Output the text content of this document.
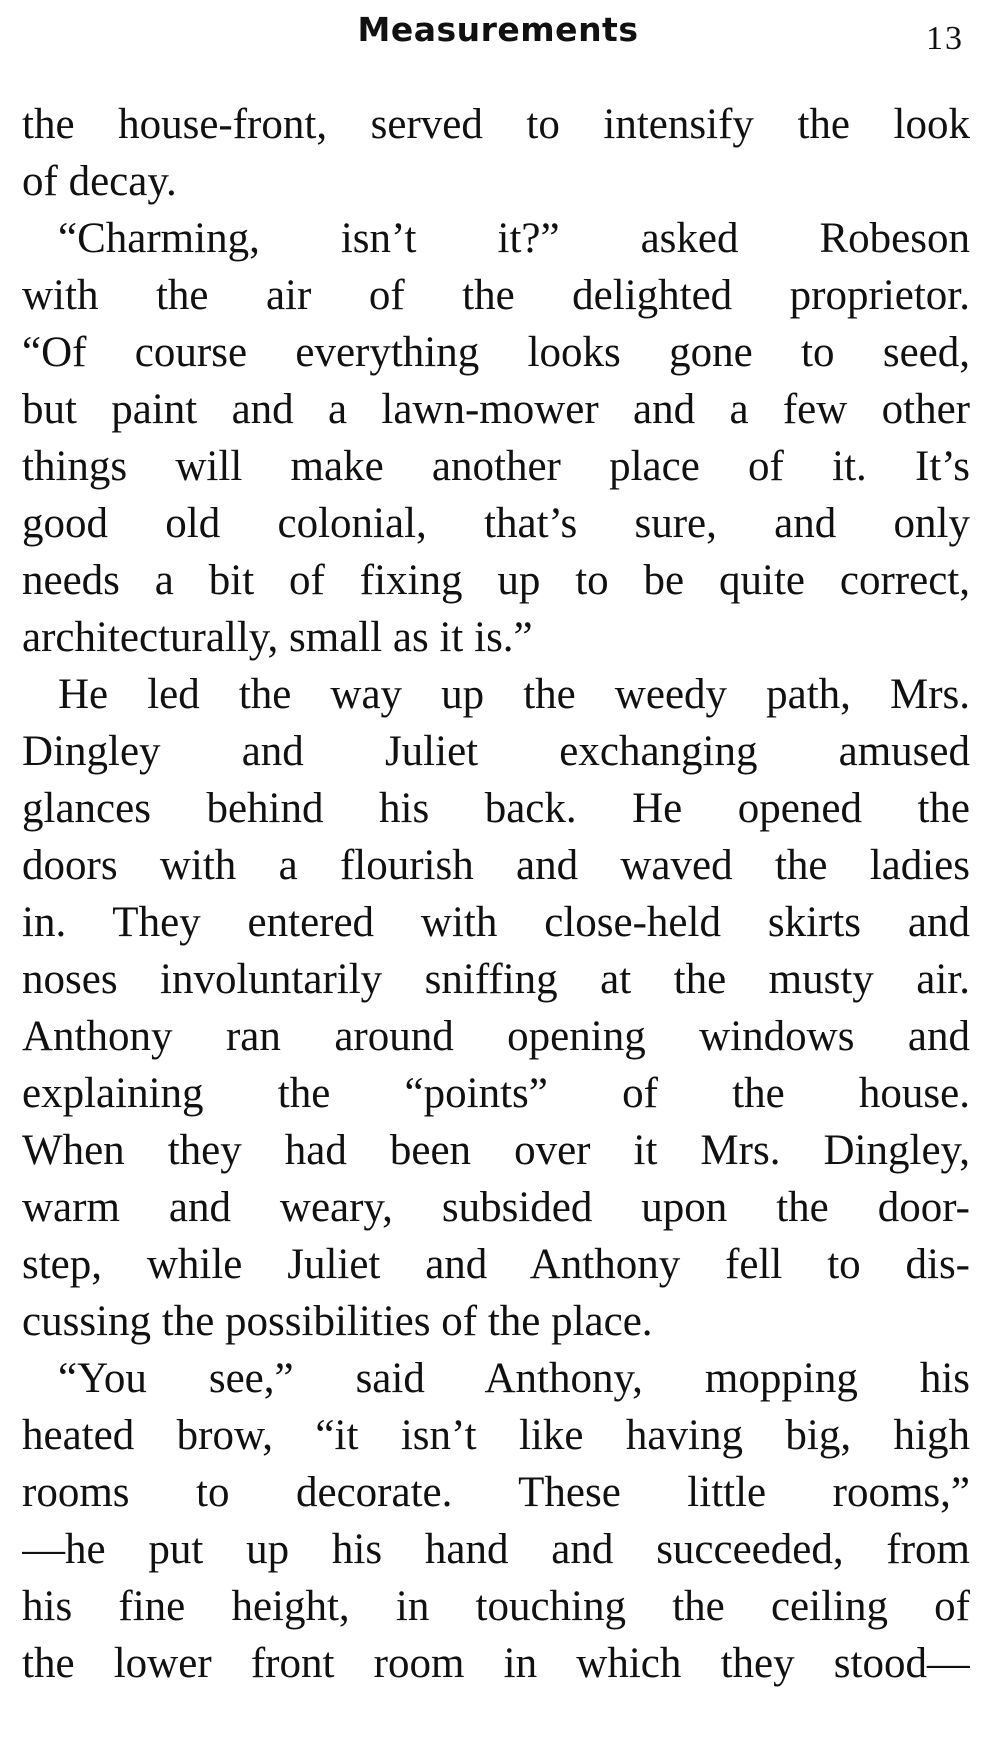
Measurements	13
the house-front, served to intensify the look
of decay.
“Charming, isn’t it?” asked Robeson
with the air of the delighted proprietor.
“Of course everything looks gone to seed,
but paint and a lawn-mower and a few other
things will make another place of it. It’s
good old colonial, that’s sure, and only
needs a bit of fixing up to be quite correct,
architecturally, small as it is.”
He led the way up the weedy path, Mrs.
Dingley and Juliet exchanging amused
glances behind his back. He opened the
doors with a flourish and waved the ladies
in. They entered with close-held skirts and
noses involuntarily sniffing at the musty air.
Anthony ran around opening windows and
explaining the “points” of the house.
When they had been over it Mrs. Dingley,
warm and weary, subsided upon the door-
step, while Juliet and Anthony fell to dis-
cussing the possibilities of the place.
“You see,” said Anthony, mopping his
heated brow, “it isn’t like having big, high
rooms to decorate. These little rooms,”
—he put up his hand and succeeded, from
his fine height, in touching the ceiling of
the lower front room in which they stood—
